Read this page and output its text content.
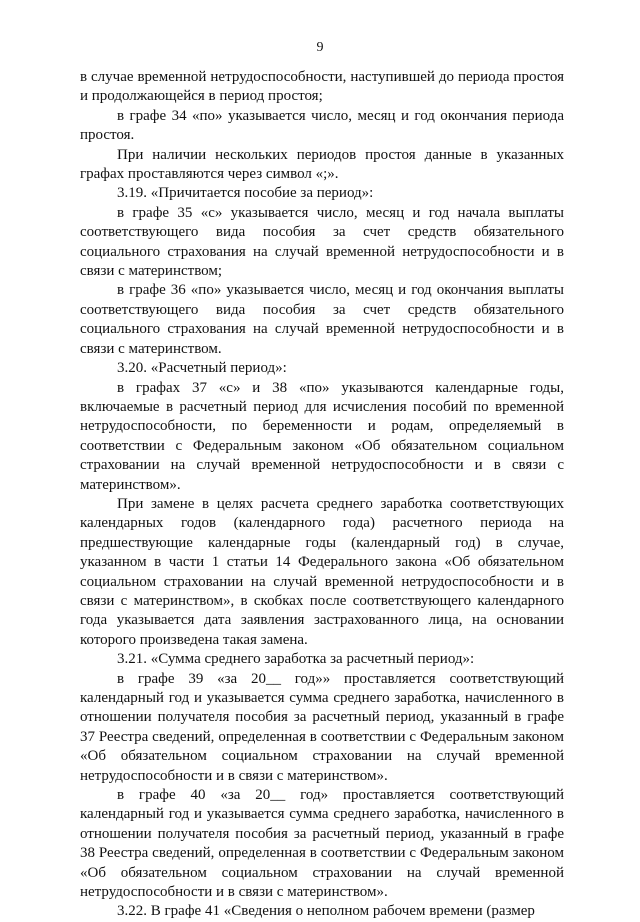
9

в случае временной нетрудоспособности, наступившей до периода простоя и продолжающейся в период простоя;

в графе 34 «по» указывается число, месяц и год окончания периода простоя.

При наличии нескольких периодов простоя данные в указанных графах проставляются через символ «;».

3.19. «Причитается пособие за период»:

в графе 35 «с» указывается число, месяц и год начала выплаты соответствующего вида пособия за счет средств обязательного социального страхования на случай временной нетрудоспособности и в связи с материнством;

в графе 36 «по» указывается число, месяц и год окончания выплаты соответствующего вида пособия за счет средств обязательного социального страхования на случай временной нетрудоспособности и в связи с материнством.

3.20. «Расчетный период»:

в графах 37 «с» и 38 «по» указываются календарные годы, включаемые в расчетный период для исчисления пособий по временной нетрудоспособности, по беременности и родам, определяемый в соответствии с Федеральным законом «Об обязательном социальном страховании на случай временной нетрудоспособности и в связи с материнством».

При замене в целях расчета среднего заработка соответствующих календарных годов (календарного года) расчетного периода на предшествующие календарные годы (календарный год) в случае, указанном в части 1 статьи 14 Федерального закона «Об обязательном социальном страховании на случай временной нетрудоспособности и в связи с материнством», в скобках после соответствующего календарного года указывается дата заявления застрахованного лица, на основании которого произведена такая замена.

3.21. «Сумма среднего заработка за расчетный период»:

в графе 39 «за 20__ год»» проставляется соответствующий календарный год и указывается сумма среднего заработка, начисленного в отношении получателя пособия за расчетный период, указанный в графе 37 Реестра сведений, определенная в соответствии с Федеральным законом «Об обязательном социальном страховании на случай временной нетрудоспособности и в связи с материнством».

в графе 40 «за 20__ год» проставляется соответствующий календарный год и указывается сумма среднего заработка, начисленного в отношении получателя пособия за расчетный период, указанный в графе 38 Реестра сведений, определенная в соответствии с Федеральным законом «Об обязательном социальном страховании на случай временной нетрудоспособности и в связи с материнством».

3.22. В графе 41 «Сведения о неполном рабочем времени (размер
